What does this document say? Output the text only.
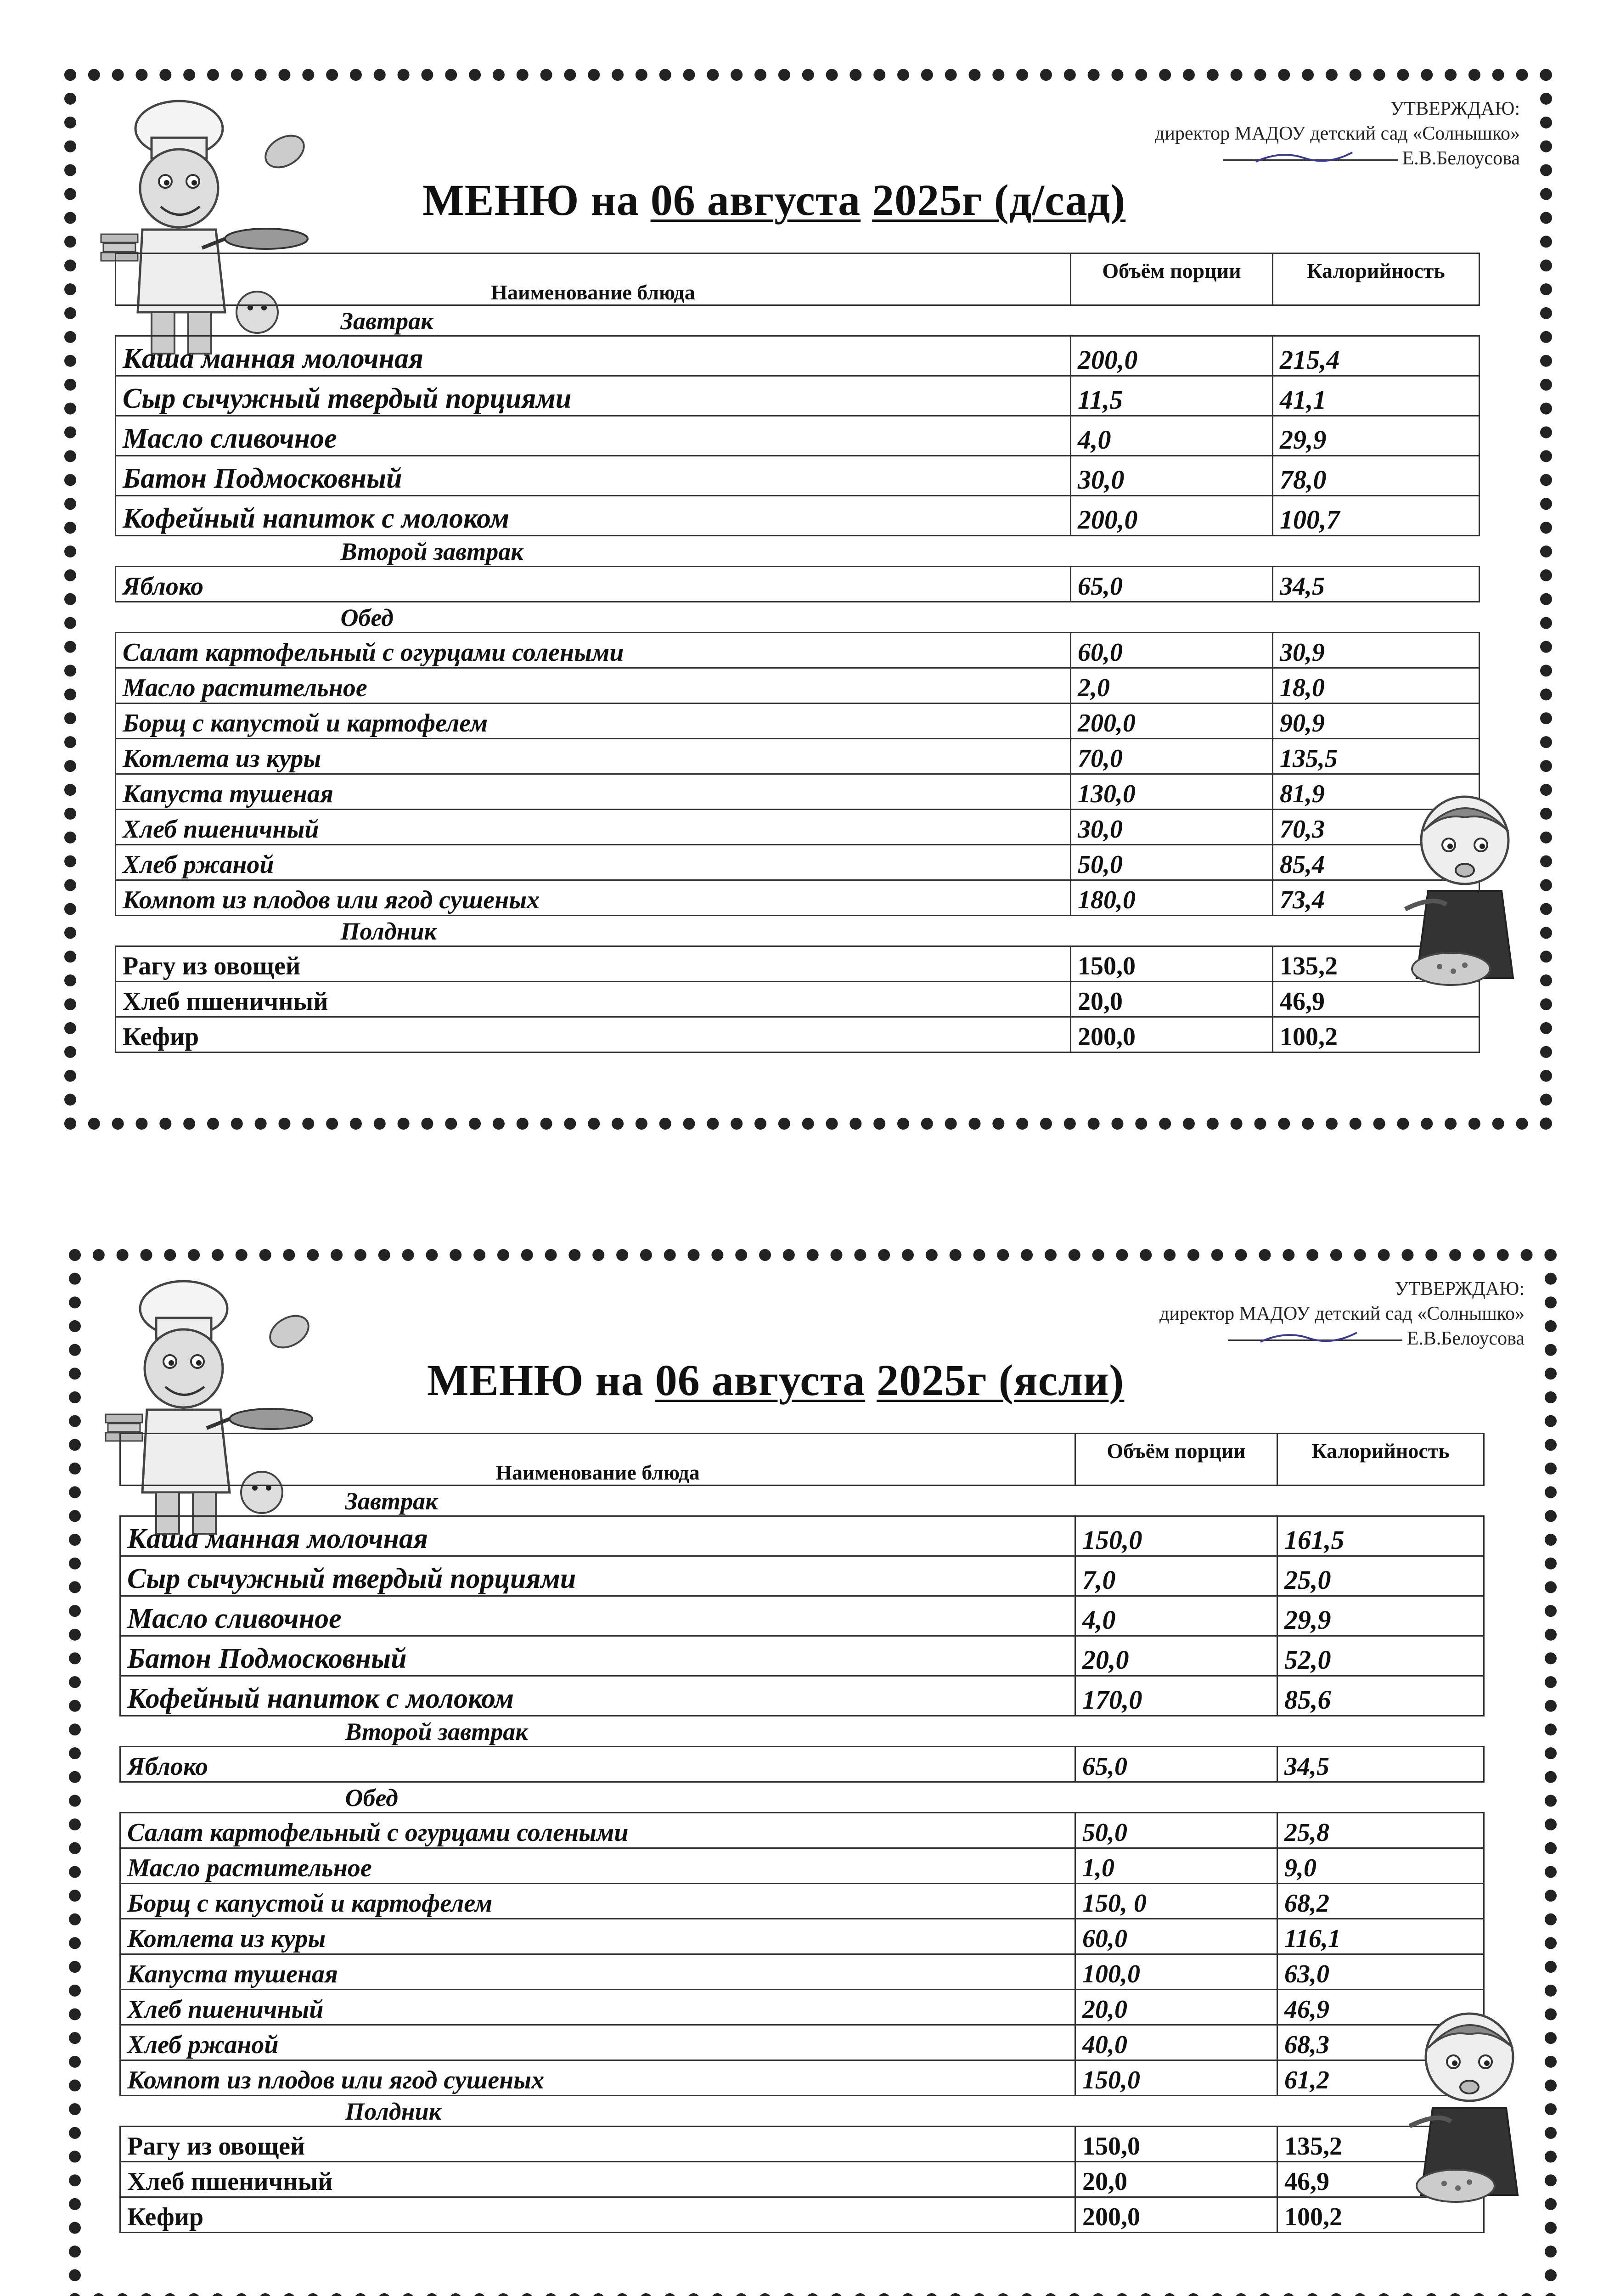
УТВЕРЖДАЮ:
директор МАДОУ детский сад «Солнышко»
Е.В.Белоусова
МЕНЮ на 06 августа 2025г (д/сад)
Наименование блюда	Объём порции	Калорийность
Завтрак		
Каша манная молочная	200,0	215,4
Сыр сычужный твердый порциями	11,5	41,1
Масло сливочное	4,0	29,9
Батон Подмосковный	30,0	78,0
Кофейный напиток с молоком	200,0	100,7
Второй завтрак		
Яблоко	65,0	34,5
Обед		
Салат картофельный с огурцами солеными	60,0	30,9
Масло растительное	2,0	18,0
Борщ с капустой и картофелем	200,0	90,9
Котлета из куры	70,0	135,5
Капуста тушеная	130,0	81,9
Хлеб пшеничный	30,0	70,3
Хлеб ржаной	50,0	85,4
Компот из плодов или ягод сушеных	180,0	73,4
Полдник		
Рагу из овощей	150,0	135,2
Хлеб пшеничный	20,0	46,9
Кефир	200,0	100,2
УТВЕРЖДАЮ:
директор МАДОУ детский сад «Солнышко»
Е.В.Белоусова
МЕНЮ на 06 августа 2025г (ясли)
Наименование блюда	Объём порции	Калорийность
Завтрак		
Каша манная молочная	150,0	161,5
Сыр сычужный твердый порциями	7,0	25,0
Масло сливочное	4,0	29,9
Батон Подмосковный	20,0	52,0
Кофейный напиток с молоком	170,0	85,6
Второй завтрак		
Яблоко	65,0	34,5
Обед		
Салат картофельный с огурцами солеными	50,0	25,8
Масло растительное	1,0	9,0
Борщ с капустой и картофелем	150, 0	68,2
Котлета из куры	60,0	116,1
Капуста тушеная	100,0	63,0
Хлеб пшеничный	20,0	46,9
Хлеб ржаной	40,0	68,3
Компот из плодов или ягод сушеных	150,0	61,2
Полдник		
Рагу из овощей	150,0	135,2
Хлеб пшеничный	20,0	46,9
Кефир	200,0	100,2
